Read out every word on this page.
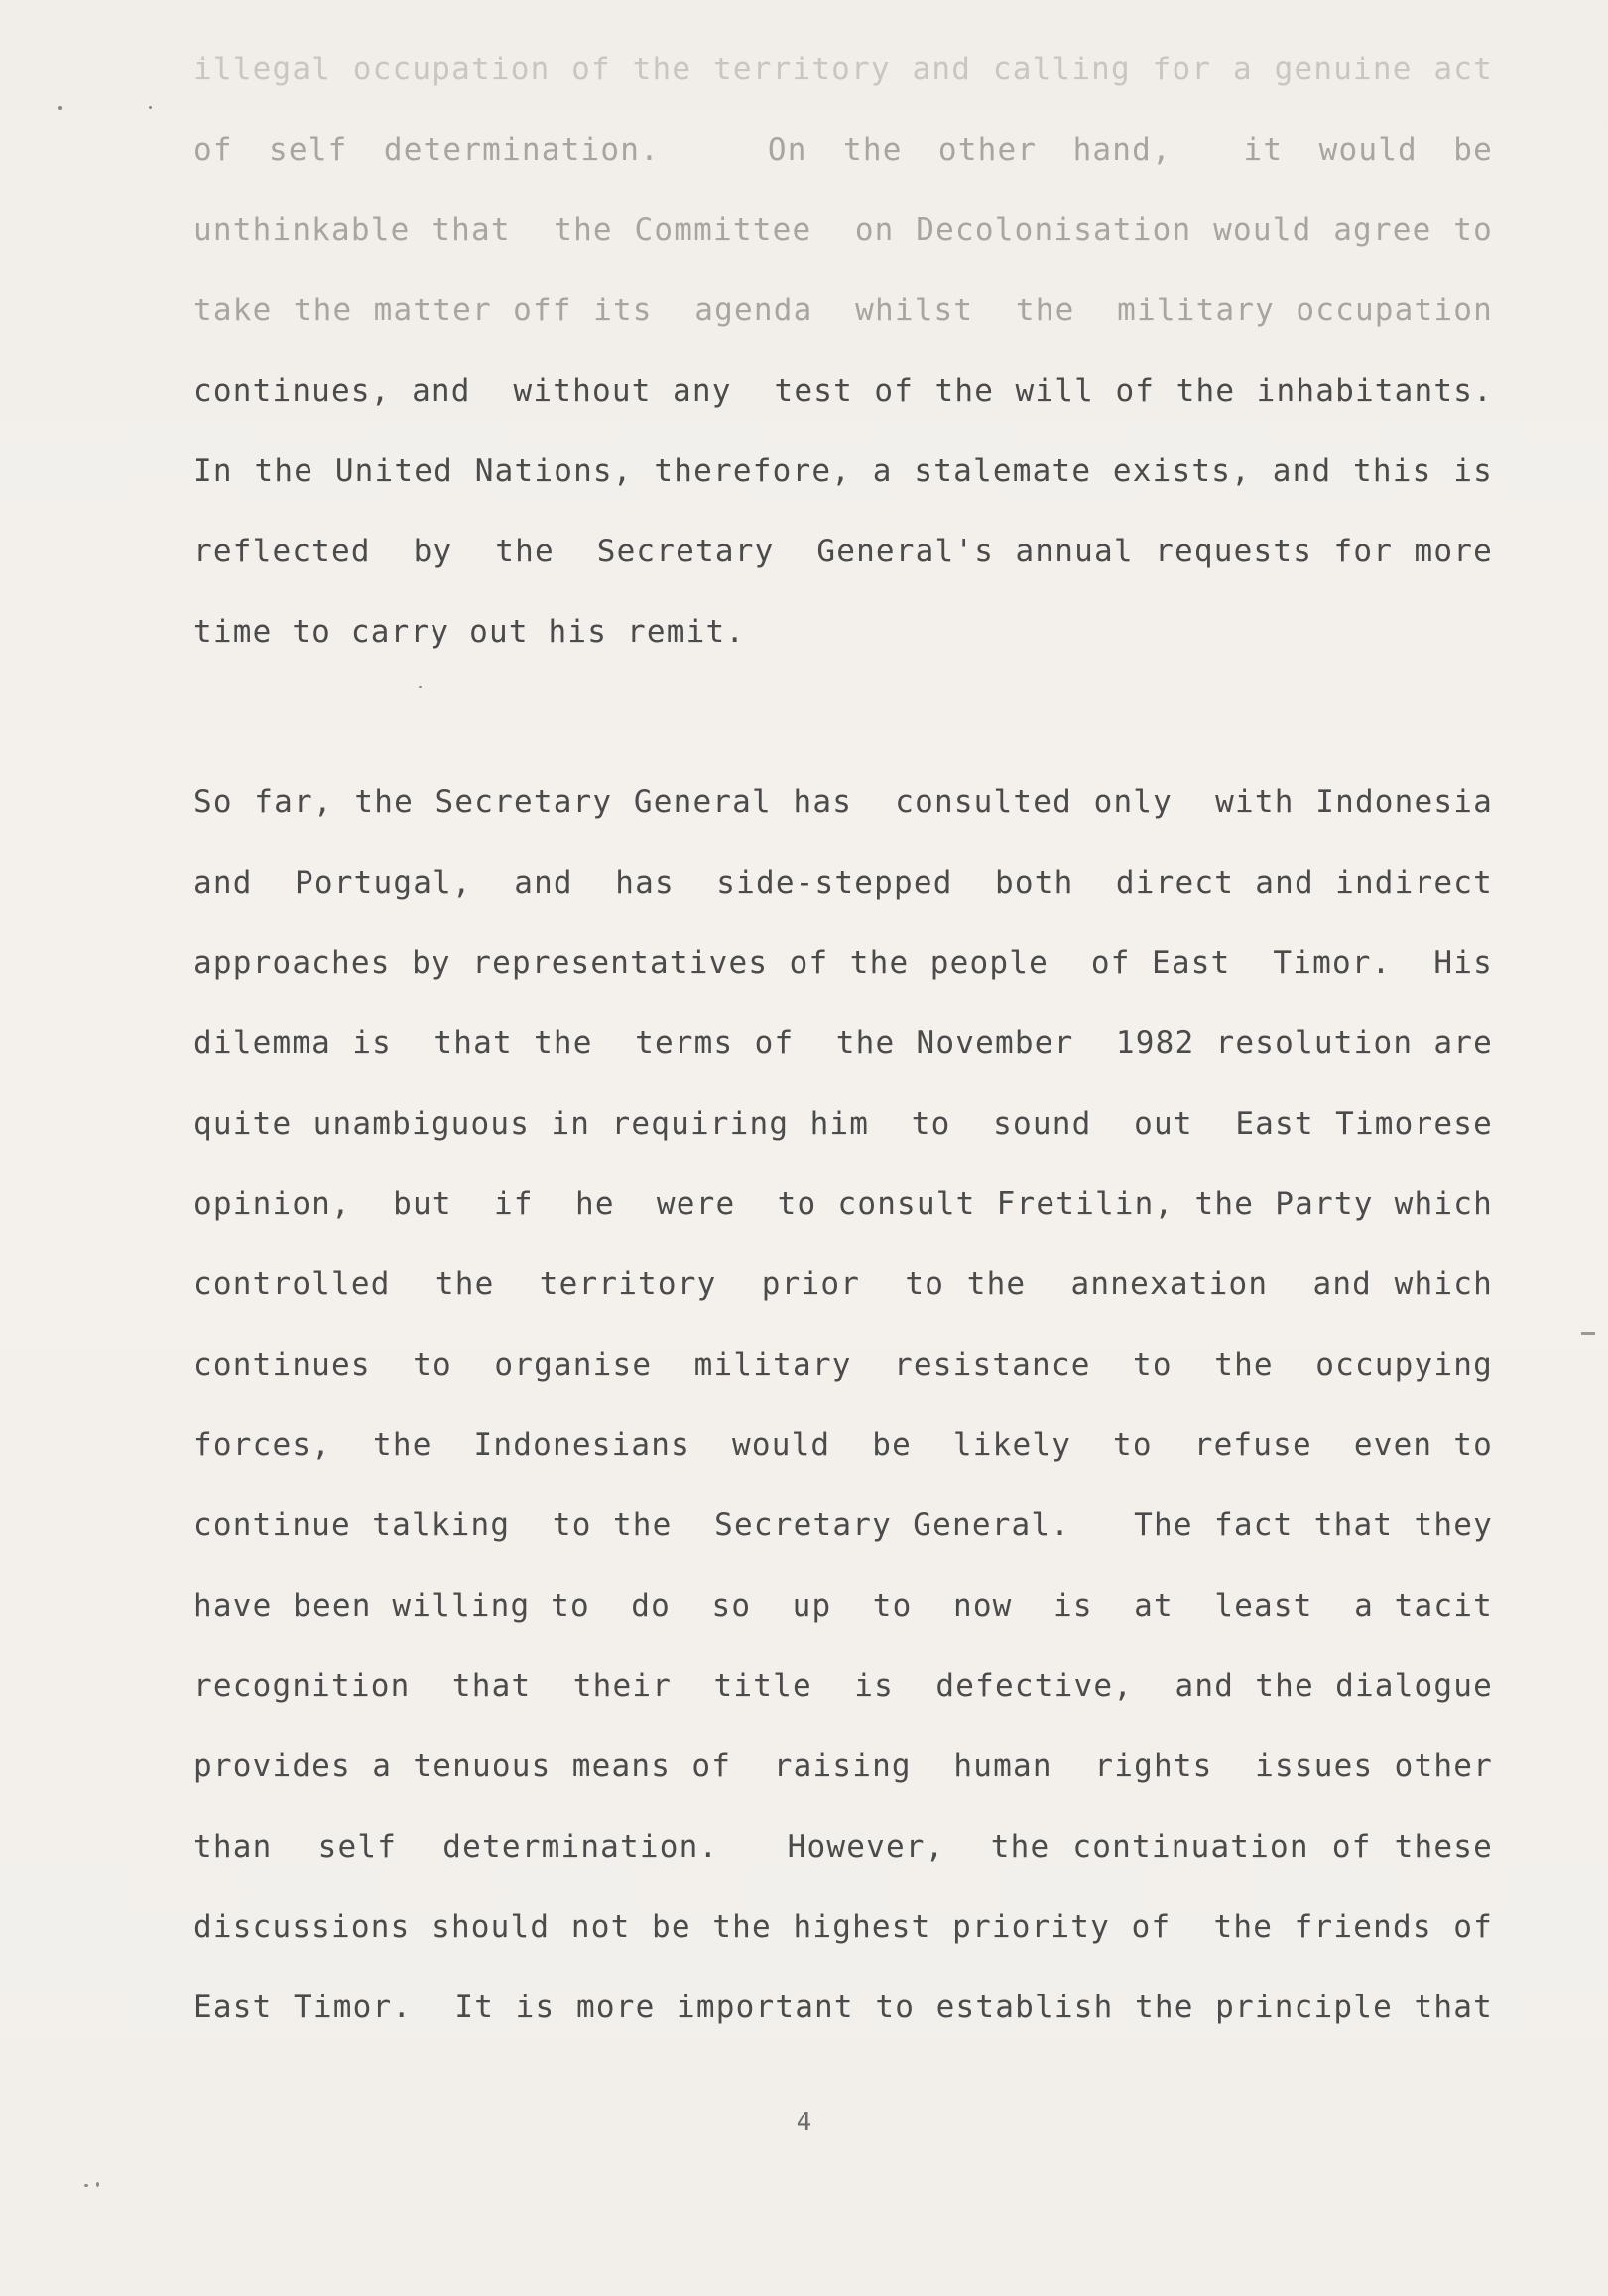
illegal occupation of the territory and calling for a genuine act
of self determination.   On the other hand,  it would be
unthinkable that  the Committee  on Decolonisation would agree to
take the matter off its  agenda  whilst  the  military occupation
continues, and  without any  test of the will of the inhabitants.
In the United Nations, therefore, a stalemate exists, and this is
reflected  by  the  Secretary  General's annual requests for more
time to carry out his remit.
So far, the Secretary General has  consulted only  with Indonesia
and  Portugal,  and  has  side-stepped  both  direct and indirect
approaches by representatives of the people  of East  Timor.  His
dilemma is  that the  terms of  the November  1982 resolution are
quite unambiguous in requiring him  to  sound  out  East Timorese
opinion,  but  if  he  were  to consult Fretilin, the Party which
controlled  the  territory  prior  to the  annexation  and which
continues  to  organise  military  resistance  to  the  occupying
forces,  the  Indonesians  would  be  likely  to  refuse  even to
continue talking  to the  Secretary General.   The fact that they
have been willing to  do  so  up  to  now  is  at  least  a tacit
recognition  that  their  title  is  defective,  and the dialogue
provides a tenuous means of  raising  human  rights  issues other
than  self  determination.   However,  the continuation of these
discussions should not be the highest priority of  the friends of
East Timor.  It is more important to establish the principle that
4
